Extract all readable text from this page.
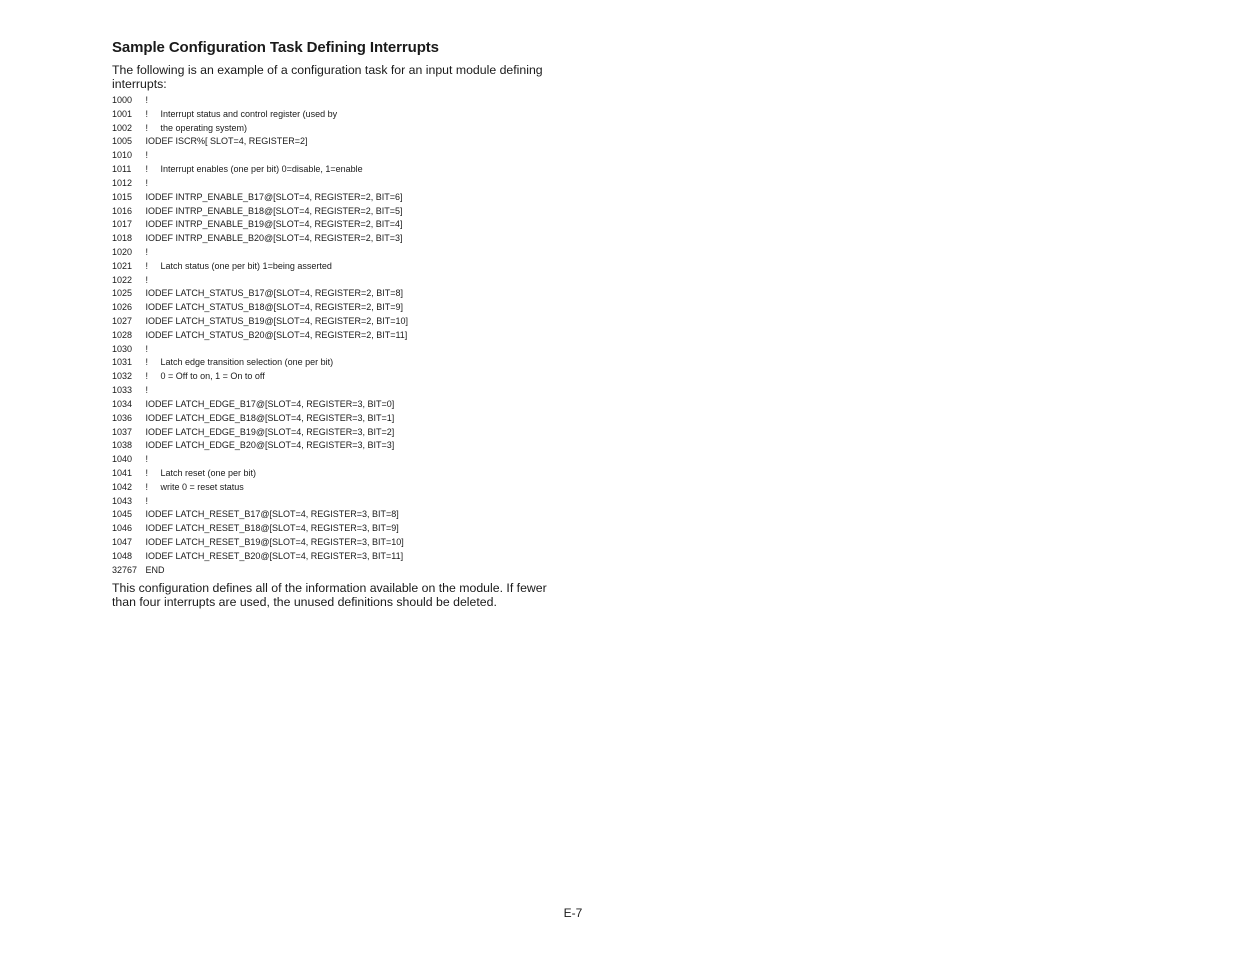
Sample Configuration Task Defining Interrupts

The following is an example of a configuration task for an input module defining interrupts:

1000 !
1001 !     Interrupt status and control register (used by
1002 !     the operating system)
1005 IODEF ISCR%[ SLOT=4, REGISTER=2]
1010 !
1011 !     Interrupt enables (one per bit) 0=disable, 1=enable
1012 !
1015 IODEF INTRP_ENABLE_B17@[SLOT=4, REGISTER=2, BIT=6]
1016 IODEF INTRP_ENABLE_B18@[SLOT=4, REGISTER=2, BIT=5]
1017 IODEF INTRP_ENABLE_B19@[SLOT=4, REGISTER=2, BIT=4]
1018 IODEF INTRP_ENABLE_B20@[SLOT=4, REGISTER=2, BIT=3]
1020 !
1021 !     Latch status (one per bit) 1=being asserted
1022 !
1025 IODEF LATCH_STATUS_B17@[SLOT=4, REGISTER=2, BIT=8]
1026 IODEF LATCH_STATUS_B18@[SLOT=4, REGISTER=2, BIT=9]
1027 IODEF LATCH_STATUS_B19@[SLOT=4, REGISTER=2, BIT=10]
1028 IODEF LATCH_STATUS_B20@[SLOT=4, REGISTER=2, BIT=11]
1030 !
1031 !     Latch edge transition selection (one per bit)
1032 !     0 = Off to on, 1 = On to off
1033 !
1034 IODEF LATCH_EDGE_B17@[SLOT=4, REGISTER=3, BIT=0]
1036 IODEF LATCH_EDGE_B18@[SLOT=4, REGISTER=3, BIT=1]
1037 IODEF LATCH_EDGE_B19@[SLOT=4, REGISTER=3, BIT=2]
1038 IODEF LATCH_EDGE_B20@[SLOT=4, REGISTER=3, BIT=3]
1040 !
1041 !     Latch reset (one per bit)
1042 !     write 0 = reset status
1043 !
1045 IODEF LATCH_RESET_B17@[SLOT=4, REGISTER=3, BIT=8]
1046 IODEF LATCH_RESET_B18@[SLOT=4, REGISTER=3, BIT=9]
1047 IODEF LATCH_RESET_B19@[SLOT=4, REGISTER=3, BIT=10]
1048 IODEF LATCH_RESET_B20@[SLOT=4, REGISTER=3, BIT=11]
32767 END

This configuration defines all of the information available on the module. If fewer than four interrupts are used, the unused definitions should be deleted.

E-7
